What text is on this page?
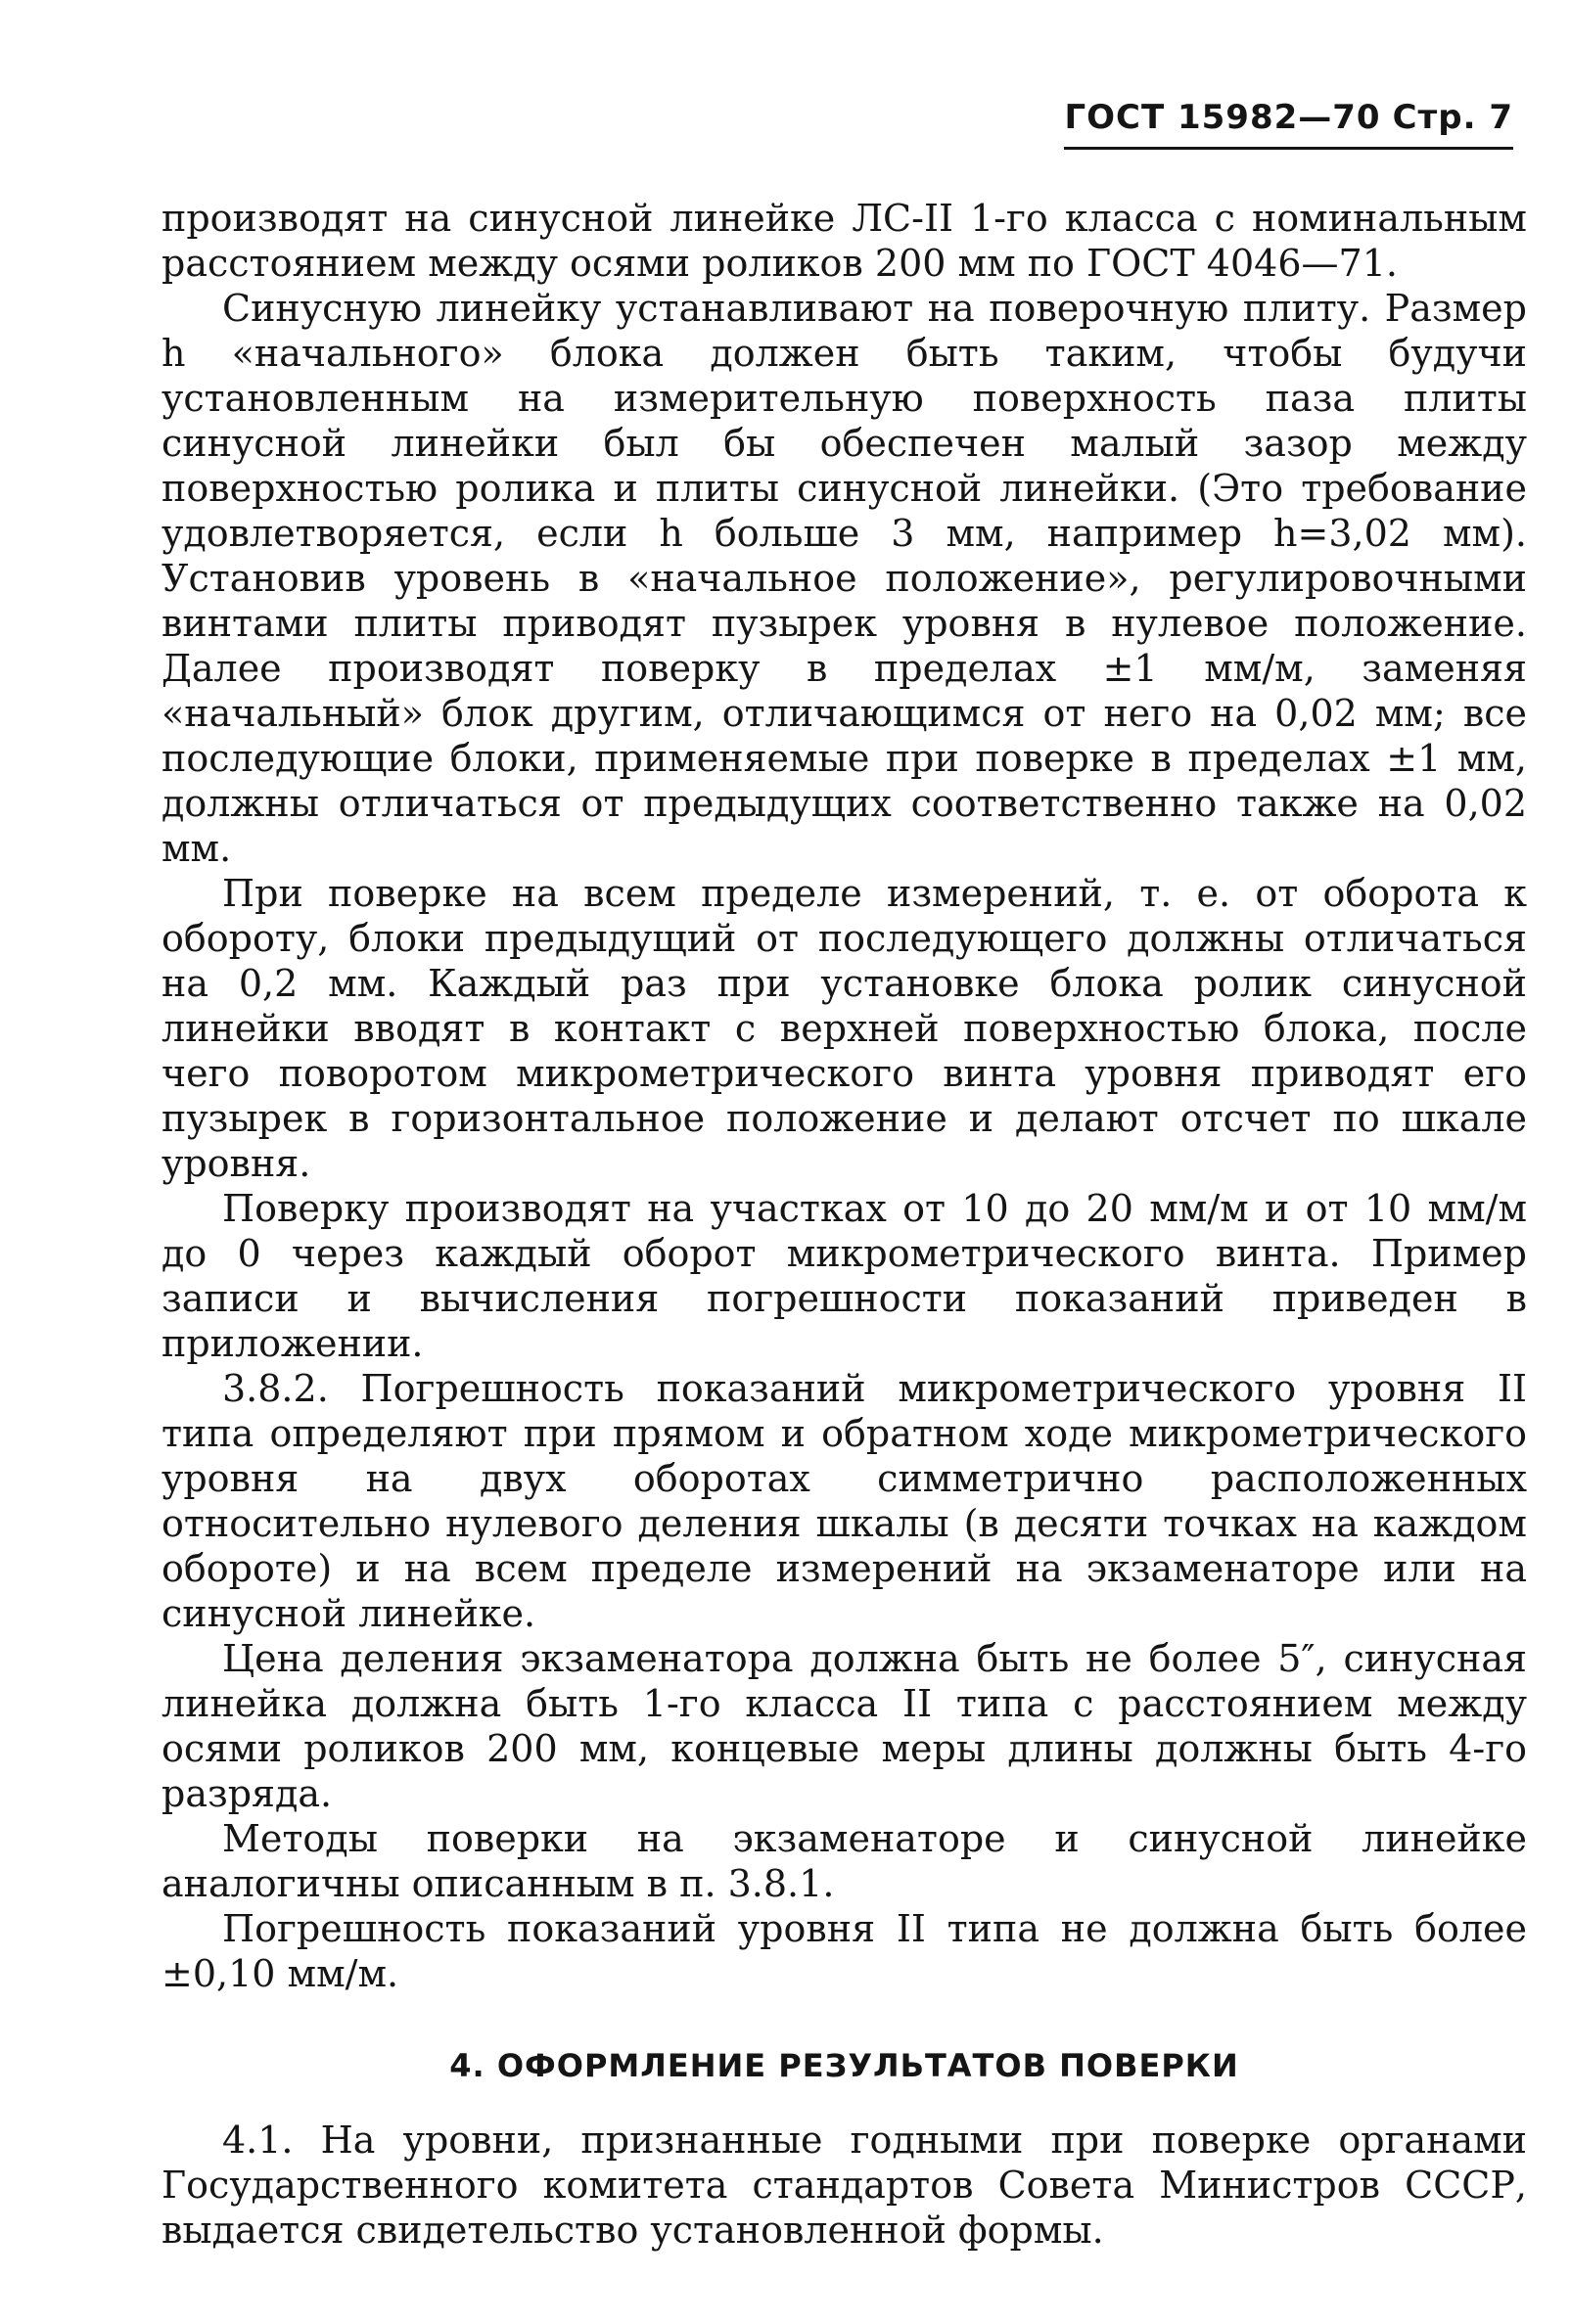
ГОСТ 15982—70 Стр. 7

производят на синусной линейке ЛС-II 1-го класса с номинальным расстоянием между осями роликов 200 мм по ГОСТ 4046—71.

Синусную линейку устанавливают на поверочную плиту. Размер h «начального» блока должен быть таким, чтобы будучи установленным на измерительную поверхность паза плиты синусной линейки был бы обеспечен малый зазор между поверхностью ролика и плиты синусной линейки. (Это требование удовлетворяется, если h больше 3 мм, например h=3,02 мм). Установив уровень в «начальное положение», регулировочными винтами плиты приводят пузырек уровня в нулевое положение. Далее производят поверку в пределах ±1 мм/м, заменяя «начальный» блок другим, отличающимся от него на 0,02 мм; все последующие блоки, применяемые при поверке в пределах ±1 мм, должны отличаться от предыдущих соответственно также на 0,02 мм.

При поверке на всем пределе измерений, т. е. от оборота к обороту, блоки предыдущий от последующего должны отличаться на 0,2 мм. Каждый раз при установке блока ролик синусной линейки вводят в контакт с верхней поверхностью блока, после чего поворотом микрометрического винта уровня приводят его пузырек в горизонтальное положение и делают отсчет по шкале уровня.

Поверку производят на участках от 10 до 20 мм/м и от 10 мм/м до 0 через каждый оборот микрометрического винта. Пример записи и вычисления погрешности показаний приведен в приложении.

3.8.2. Погрешность показаний микрометрического уровня II типа определяют при прямом и обратном ходе микрометрического уровня на двух оборотах симметрично расположенных относительно нулевого деления шкалы (в десяти точках на каждом обороте) и на всем пределе измерений на экзаменаторе или на синусной линейке.

Цена деления экзаменатора должна быть не более 5″, синусная линейка должна быть 1-го класса II типа с расстоянием между осями роликов 200 мм, концевые меры длины должны быть 4-го разряда.

Методы поверки на экзаменаторе и синусной линейке аналогичны описанным в п. 3.8.1.

Погрешность показаний уровня II типа не должна быть более ±0,10 мм/м.

4. ОФОРМЛЕНИЕ РЕЗУЛЬТАТОВ ПОВЕРКИ

4.1. На уровни, признанные годными при поверке органами Государственного комитета стандартов Совета Министров СССР, выдается свидетельство установленной формы.
